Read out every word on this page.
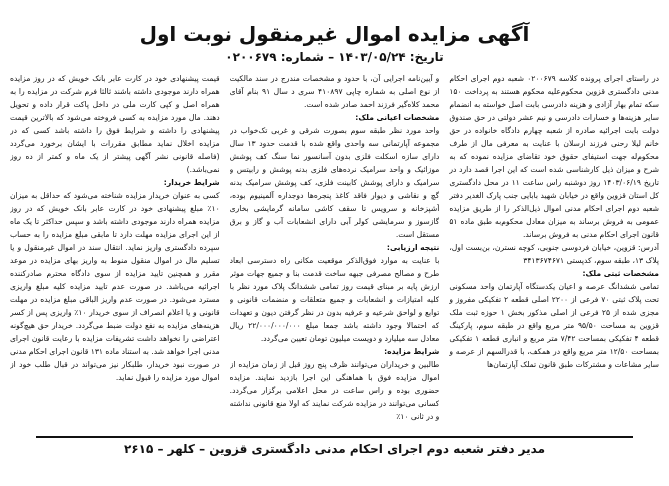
آگهی مزایده اموال غیرمنقول نوبت اول
تاریخ: ۱۴۰۳/۰۵/۲۴ – شماره: ۰۲۰۰۶۷۹

در راستای اجرای پرونده کلاسه ۰۲۰۰۶۷۹ شعبه دوم اجرای احکام مدنی دادگستری قزوین محکوم‌علیه محکوم هستند به پرداخت ۱۵۰ سکه تمام بهار آزادی و هزینه دادرسی بابت اصل خواسته به انضمام سایر هزینه‌ها و خسارات دادرسی و نیم عشر دولتی در حق صندوق دولت بابت اجرائیه صادره از شعبه چهارم دادگاه خانواده در حق خانم لیلا رحنی فرزند ارسلان با عنایت به معرفی مال از طرف محکوم‌له جهت استیفای حقوق خود تقاضای مزایده نموده که به شرح و میزان ذیل کارشناسی شده است که این اجرا قصد دارد در تاریخ ۱۴۰۳/۰۶/۱۹ روز دوشنبه راس ساعت ۱۱ در محل دادگستری کل استان قزوین واقع در خیابان شهید بابایی جنب پارک الغدیر دفتر شعبه دوم اجرای احکام مدنی اموال ذیل‌الذکر را از طریق مزایده عمومی به فروش برساند به میزان معادل محکوم‌به طبق ماده ۵۱ قانون اجرای احکام مدنی به فروش برساند.

آدرس: قزوین، خیابان فردوسی جنوبی، کوچه نسترن، بن‌بست اول، پلاک ۱۳، طبقه سوم، کدپستی ۳۴۱۳۶۷۴۶۷۱

مشخصات ثبتی ملک:

تمامی ششدانگ عرصه و اعیان یکدستگاه آپارتمان واحد مسکونی تحت پلاک ثبتی ۷۰ فرعی از ۲۲۰۰ اصلی قطعه ۲ تفکیکی مفروز و مجزی شده از ۲۵ فرعی از اصلی مذکور بخش ۱ حوزه ثبت ملک قزوین به مساحت ۹۵/۵۰ متر مربع واقع در طبقه سوم، پارکینگ قطعه ۴ تفکیکی بمساحت ۷/۴۲ متر مربع و انباری قطعه ۱ تفکیکی بمساحت ۱۲/۵۰ متر مربع واقع در همکف، با قدرالسهم از عرصه و سایر مشاعات و مشترکات طبق قانون تملک آپارتمان‌ها

و آیین‌نامه اجرایی آن، با حدود و مشخصات مندرج در سند مالکیت از نوع اصلی به شماره چاپی ۴۱۰۸۹۷ سری د سال ۹۱ بنام آقای محمد کلاه‌گیر فرزند احمد صادر شده است.

مشخصات اعیانی ملک:

واحد مورد نظر طبقه سوم بصورت شرقی و غربی تک‌خواب در مجموعه آپارتمانی سه واحدی واقع شده با قدمت حدود ۱۳ سال دارای سازه اسکلت فلزی بدون آسانسور نما سنگ کف پوشش موزائیک و واحد سرامیک نرده‌های فلزی بدنه پوشش و رابیتس و سرامیک و دارای پوشش کابینت فلزی، کف پوشش سرامیک بدنه گچ و نقاشی و دیوار فاقد کاغذ پنجره‌ها دوجداره آلمینیوم بوده، آشپزخانه و سرویس تا سقف کاشی سامانه گرمایشی بخاری گازسوز و سرمایشی کولر آبی دارای انشعابات آب و گاز و برق مستقل است.

نتیجه ارزیابی:

با عنایت به موارد فوق‌الذکر موقعیت مکانی راه دسترسی ابعاد طرح و مصالح مصرفی جبهه ساخت قدمت بنا و جمیع جهات موثر ارزش پایه بر مبنای قیمت روز تمامی ششدانگ پلاک مورد نظر با کلیه امتیازات و انشعابات و جمیع متعلقات و منضمات قانونی و توابع و لواحق شرعیه و عرفیه بدون در نظر گرفتن دیون و تعهدات که احتمالا وجود داشته باشد جمعا مبلغ ۲۲/۰۰۰/۰۰۰/۰۰۰ ریال معادل سه میلیارد و دویست میلیون تومان تعیین می‌گردد.

شرایط مزایده:

طالبین و خریداران می‌توانند ظرف پنج روز قبل از زمان مزایده از اموال مزایده فوق با هماهنگی این اجرا بازدید نمایند. مزایده حضوری بوده و راس ساعت در محل اعلامی برگزار می‌گردد. کسانی می‌توانند در مزایده شرکت نمایند که اولا منع قانونی نداشته و در ثانی ۱۰٪

قیمت پیشنهادی خود در کارت عابر بانک خویش که در روز مزایده همراه دارند موجودی داشته باشند ثالثا فرم شرکت در مزایده را به همراه اصل و کپی کارت ملی در داخل پاکت قرار داده و تحویل دهند. مال مورد مزایده به کسی فروخته می‌شود که بالاترین قیمت پیشنهادی را داشته و شرایط فوق را داشته باشد کسی که در مزایده اخلال نماید مطابق مقررات با ایشان برخورد می‌گردد (فاصله قانونی نشر آگهی پیشتر از یک ماه و کمتر از ده روز نمی‌باشد.)

شرایط خریدار:

کسی به عنوان خریدار مزایده شناخته می‌شود که حداقل به میزان ۱۰٪ مبلغ پیشنهادی خود در کارت عابر بانک خویش که در روز مزایده همراه دارند موجودی داشته باشد و سپس حداکثر تا یک ماه از این اجرای مزایده مهلت دارد تا مابقی مبلغ مزایده را به حساب سپرده دادگستری واریز نماید. انتقال سند در اموال غیرمنقول و یا تسلیم مال در اموال منقول منوط به واریز بهای مزایده در موعد مقرر و همچنین تایید مزایده از سوی دادگاه محترم صادرکننده اجرائیه می‌باشد. در صورت عدم تایید مزایده کلیه مبلغ واریزی مسترد می‌شود. در صورت عدم واریز الباقی مبلغ مزایده در مهلت قانونی و یا اعلام انصراف از سوی خریدار ۱۰٪ واریزی پس از کسر هزینه‌های مزایده به نفع دولت ضبط می‌گردد. خریدار حق هیچ‌گونه اعتراضی را نخواهد داشت تشریفات مزایده با رعایت قانون اجرای مدنی اجرا خواهد شد. به استناد ماده ۱۳۱ قانون اجرای احکام مدنی در صورت نبود خریدار، طلبکار نیز می‌تواند در قبال طلب خود از اموال مورد مزایده را قبول نماید.

مدیر دفتر شعبه دوم اجرای احکام مدنی دادگستری قزوین – کلهر – ۲۶۱۵
